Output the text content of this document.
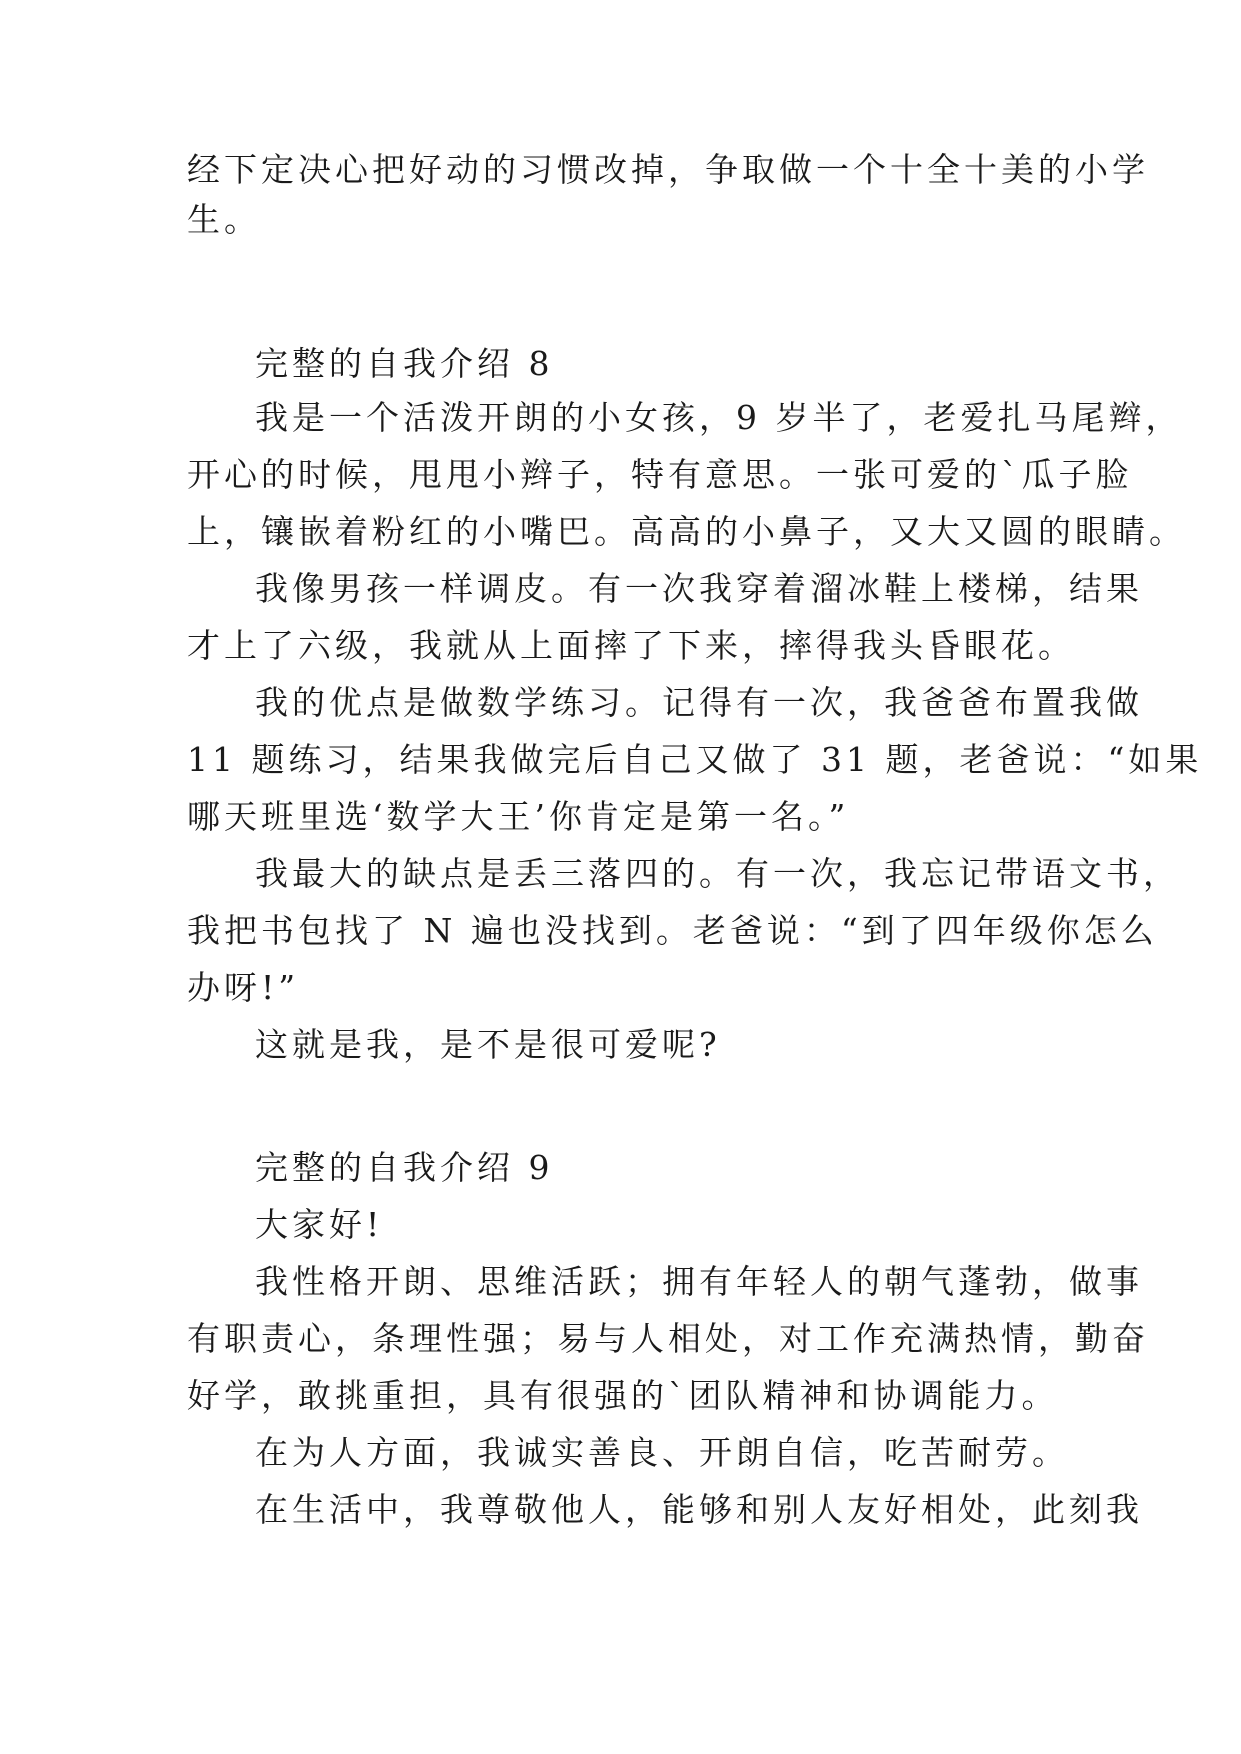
经下定决心把好动的习惯改掉，争取做一个十全十美的小学
生。
完整的自我介绍 8
我是一个活泼开朗的小女孩，9 岁半了，老爱扎马尾辫，
开心的时候，甩甩小辫子，特有意思。一张可爱的`瓜子脸
上，镶嵌着粉红的小嘴巴。高高的小鼻子，又大又圆的眼睛。
我像男孩一样调皮。有一次我穿着溜冰鞋上楼梯，结果
才上了六级，我就从上面摔了下来，摔得我头昏眼花。
我的优点是做数学练习。记得有一次，我爸爸布置我做
11 题练习，结果我做完后自己又做了 31 题，老爸说：“如果
哪天班里选‘数学大王’你肯定是第一名。”
我最大的缺点是丢三落四的。有一次，我忘记带语文书，
我把书包找了 N 遍也没找到。老爸说：“到了四年级你怎么
办呀!”
这就是我，是不是很可爱呢?
完整的自我介绍 9
大家好!
我性格开朗、思维活跃；拥有年轻人的朝气蓬勃，做事
有职责心，条理性强；易与人相处，对工作充满热情，勤奋
好学，敢挑重担，具有很强的`团队精神和协调能力。
在为人方面，我诚实善良、开朗自信，吃苦耐劳。
在生活中，我尊敬他人，能够和别人友好相处，此刻我
